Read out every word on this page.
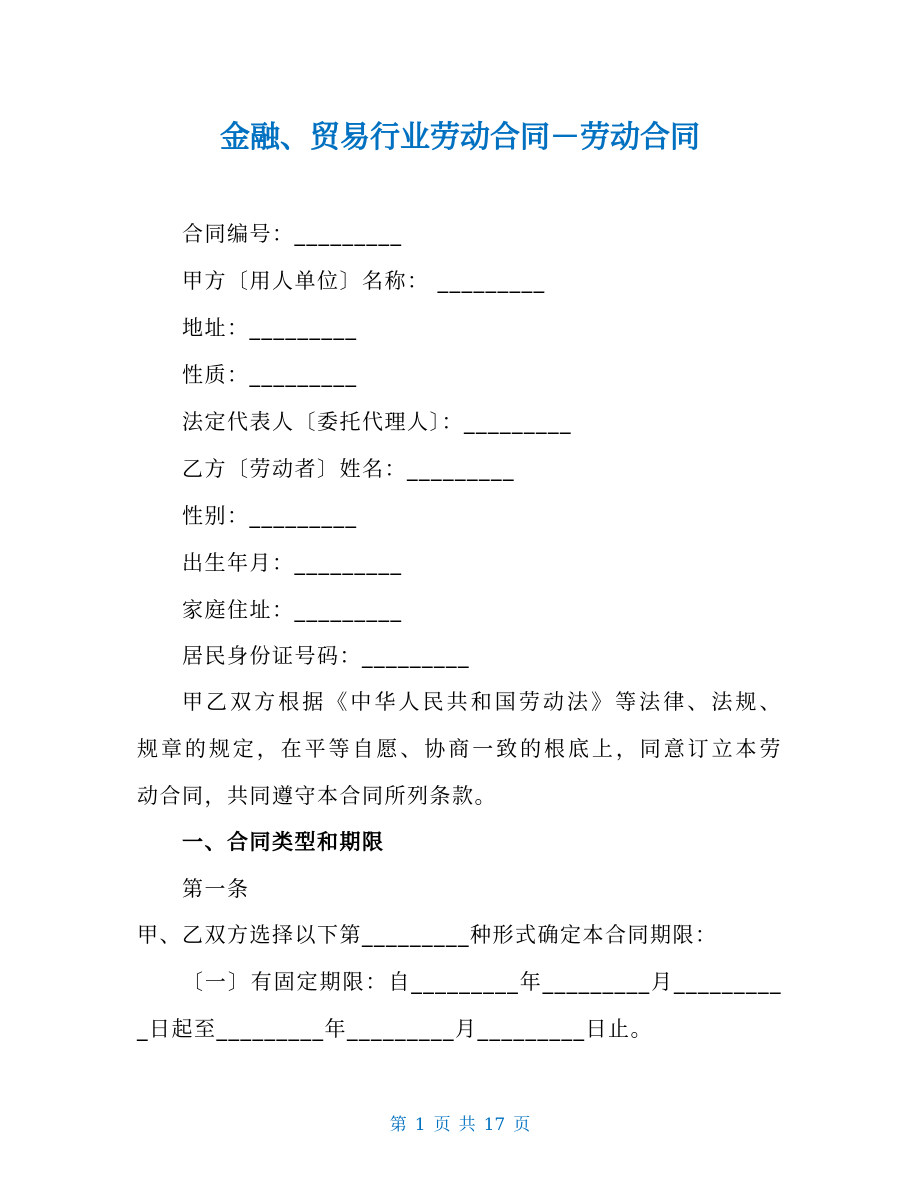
金融、贸易行业劳动合同－劳动合同
合同编号：_________
甲方〔用人单位〕名称： _________
地址：_________
性质：_________
法定代表人〔委托代理人〕：_________
乙方〔劳动者〕姓名：_________
性别：_________
出生年月：_________
家庭住址：_________
居民身份证号码：_________
甲乙双方根据《中华人民共和国劳动法》等法律、法规、
规章的规定，在平等自愿、协商一致的根底上，同意订立本劳
动合同，共同遵守本合同所列条款。
一、合同类型和期限
第一条
甲、乙双方选择以下第_________种形式确定本合同期限：
〔一〕有固定期限：自_________年_________月_________
_日起至_________年_________月_________日止。
第 1 页 共 17 页
